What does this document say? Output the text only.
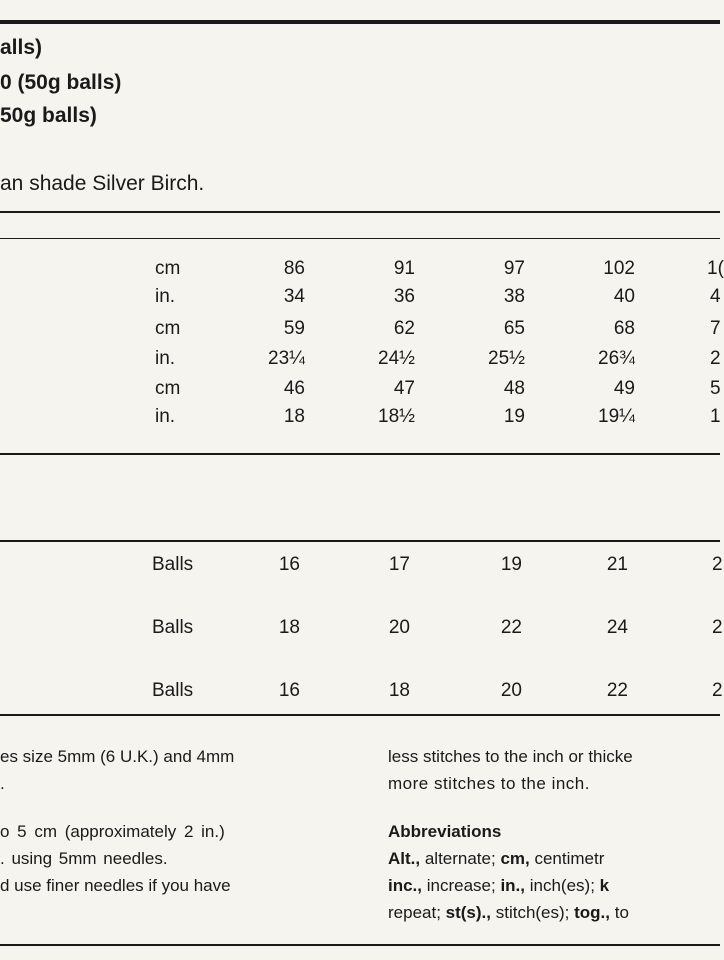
alls)
0 (50g balls)
50g balls)
an shade Silver Birch.
cm	86	91	97	102	1(
in.	34	36	38	40	4
cm	59	62	65	68	7
in.	23¼	24½	25½	26¾	2
cm	46	47	48	49	5
in.	18	18½	19	19¼	1
Balls	16	17	19	21	2
Balls	18	20	22	24	2
Balls	16	18	20	22	2
es size 5mm (6 U.K.) and 4mm
.
o 5 cm (approximately 2 in.)
. using 5mm needles.
d use finer needles if you have
less stitches to the inch or thicke
more stitches to the inch.
Abbreviations
Alt., alternate; cm, centimetr
inc., increase; in., inch(es); k
repeat; st(s)., stitch(es); tog., to
